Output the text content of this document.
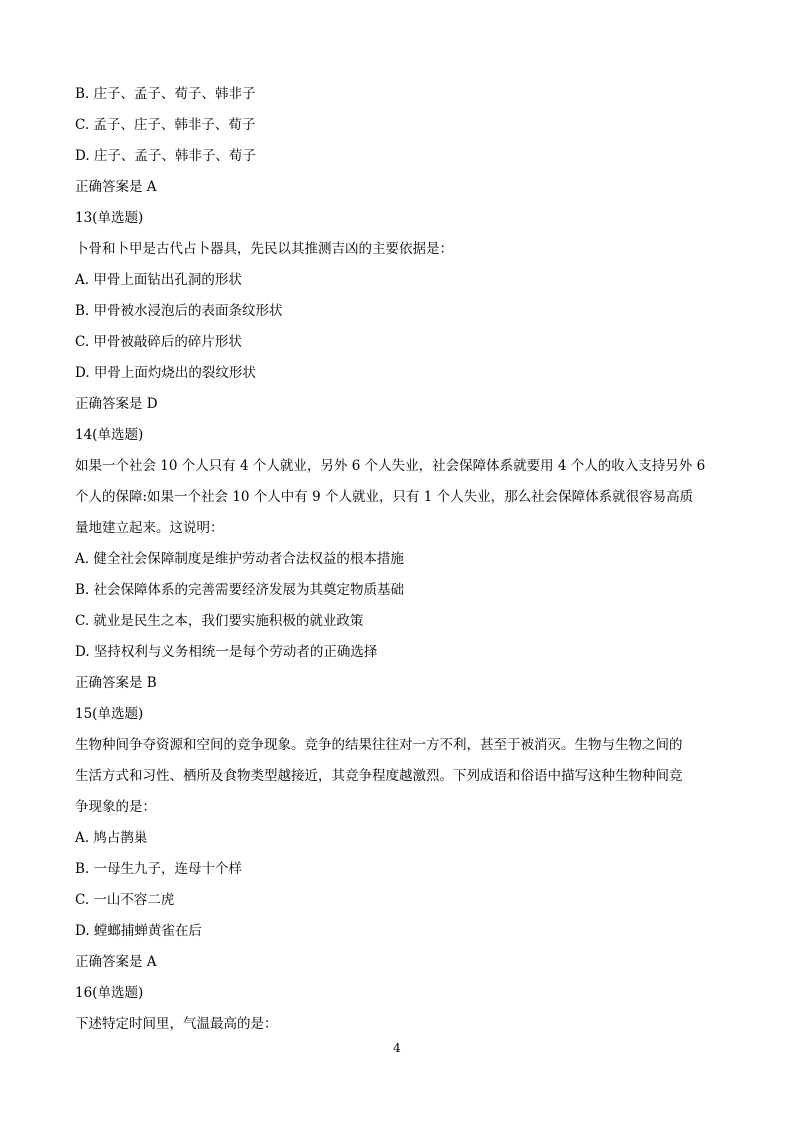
B. 庄子、孟子、荀子、韩非子
C. 孟子、庄子、韩非子、荀子
D. 庄子、孟子、韩非子、荀子
正确答案是 A
13(单选题)
卜骨和卜甲是古代占卜器具，先民以其推测吉凶的主要依据是：
A. 甲骨上面钻出孔洞的形状
B. 甲骨被水浸泡后的表面条纹形状
C. 甲骨被敲碎后的碎片形状
D. 甲骨上面灼烧出的裂纹形状
正确答案是 D
14(单选题)
如果一个社会 10 个人只有 4 个人就业，另外 6 个人失业，社会保障体系就要用 4 个人的收入支持另外 6
个人的保障:如果一个社会 10 个人中有 9 个人就业，只有 1 个人失业，那么社会保障体系就很容易高质
量地建立起来。这说明：
A. 健全社会保障制度是维护劳动者合法权益的根本措施
B. 社会保障体系的完善需要经济发展为其奠定物质基础
C. 就业是民生之本，我们要实施积极的就业政策
D. 坚持权利与义务相统一是每个劳动者的正确选择
正确答案是 B
15(单选题)
生物种间争夺资源和空间的竞争现象。竞争的结果往往对一方不利，甚至于被消灭。生物与生物之间的
生活方式和习性、栖所及食物类型越接近，其竞争程度越激烈。下列成语和俗语中描写这种生物种间竞
争现象的是：
A. 鸠占鹊巢
B. 一母生九子，连母十个样
C. 一山不容二虎
D. 螳螂捕蝉黄雀在后
正确答案是 A
16(单选题)
下述特定时间里，气温最高的是：
4
